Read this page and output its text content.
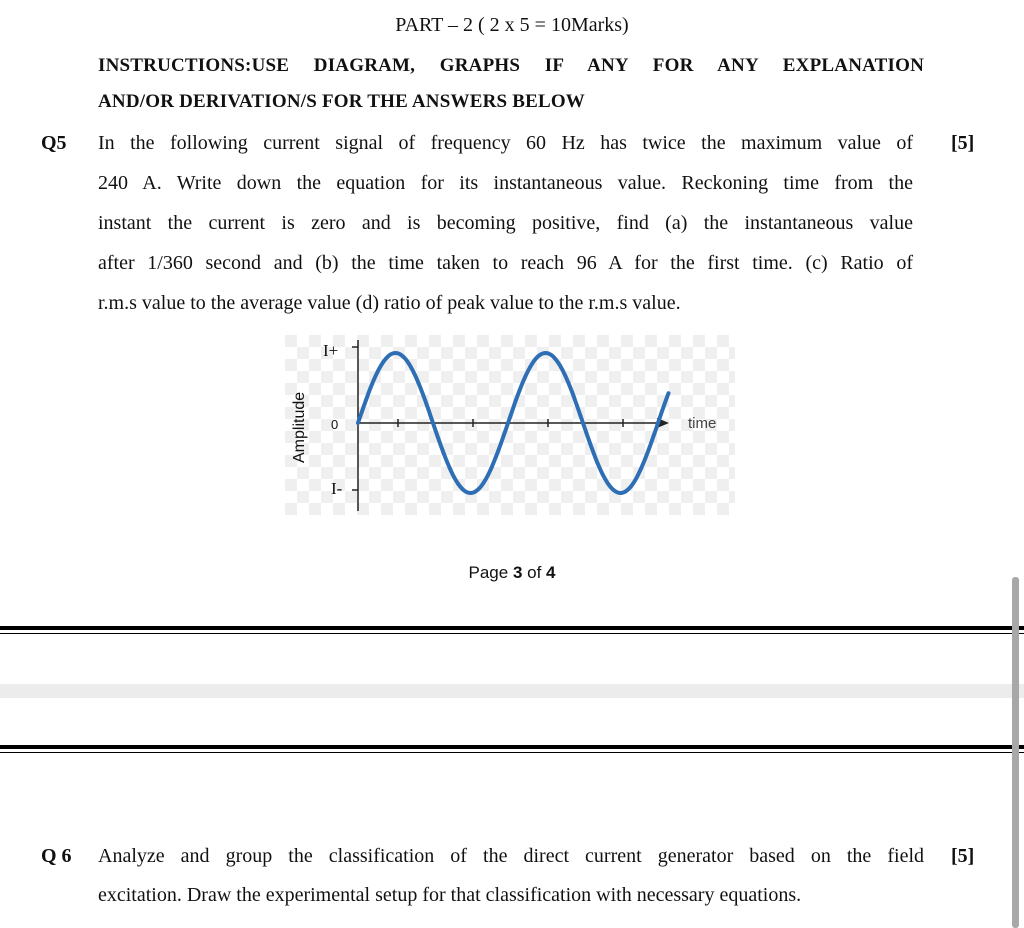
PART – 2 ( 2 x 5 = 10Marks)
INSTRUCTIONS:USE DIAGRAM, GRAPHS IF ANY FOR ANY EXPLANATION
AND/OR DERIVATION/S FOR THE ANSWERS BELOW
Q5	[5]
In the following current signal of frequency 60 Hz has twice the maximum value of
240 A. Write down the equation for its instantaneous value. Reckoning time from the
instant the current is zero and is becoming positive, find (a) the instantaneous value
after 1/360 second and (b) the time taken to reach 96 A for the first time. (c) Ratio of
r.m.s value to the average value (d) ratio of peak value to the r.m.s value.
I+
0
I-
time
Amplitude
Page 3 of 4
Q 6	[5]
Analyze and group the classification of the direct current generator based on the field
excitation. Draw the experimental setup for that classification with necessary equations.
